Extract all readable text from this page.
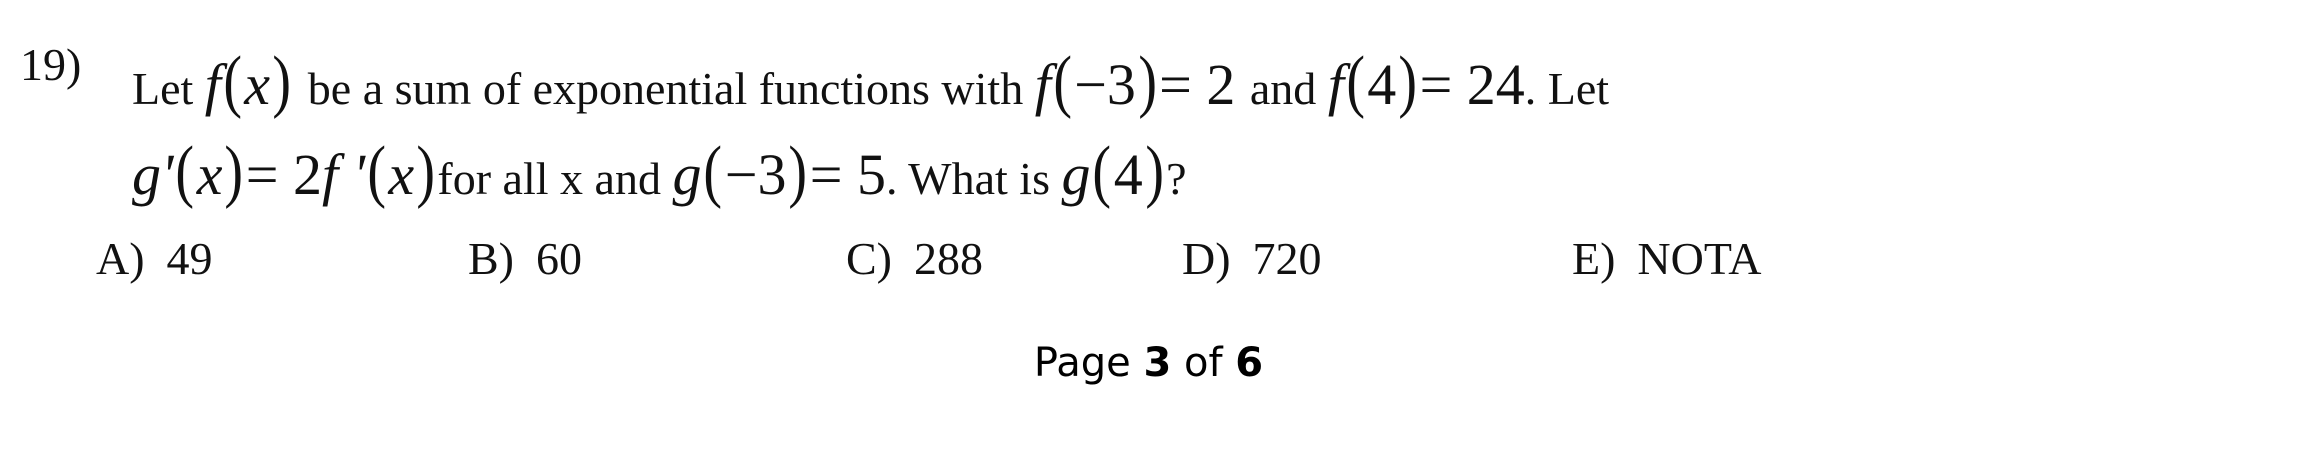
19) Let f(x) be a sum of exponential functions with f(−3)= 2 and f(4)= 24. Let
g'(x)= 2f '(x)for all x and g(−3)= 5. What is g(4)?
A) 49	B) 60	C) 288	D) 720	E) NOTA
Page 3 of 6
